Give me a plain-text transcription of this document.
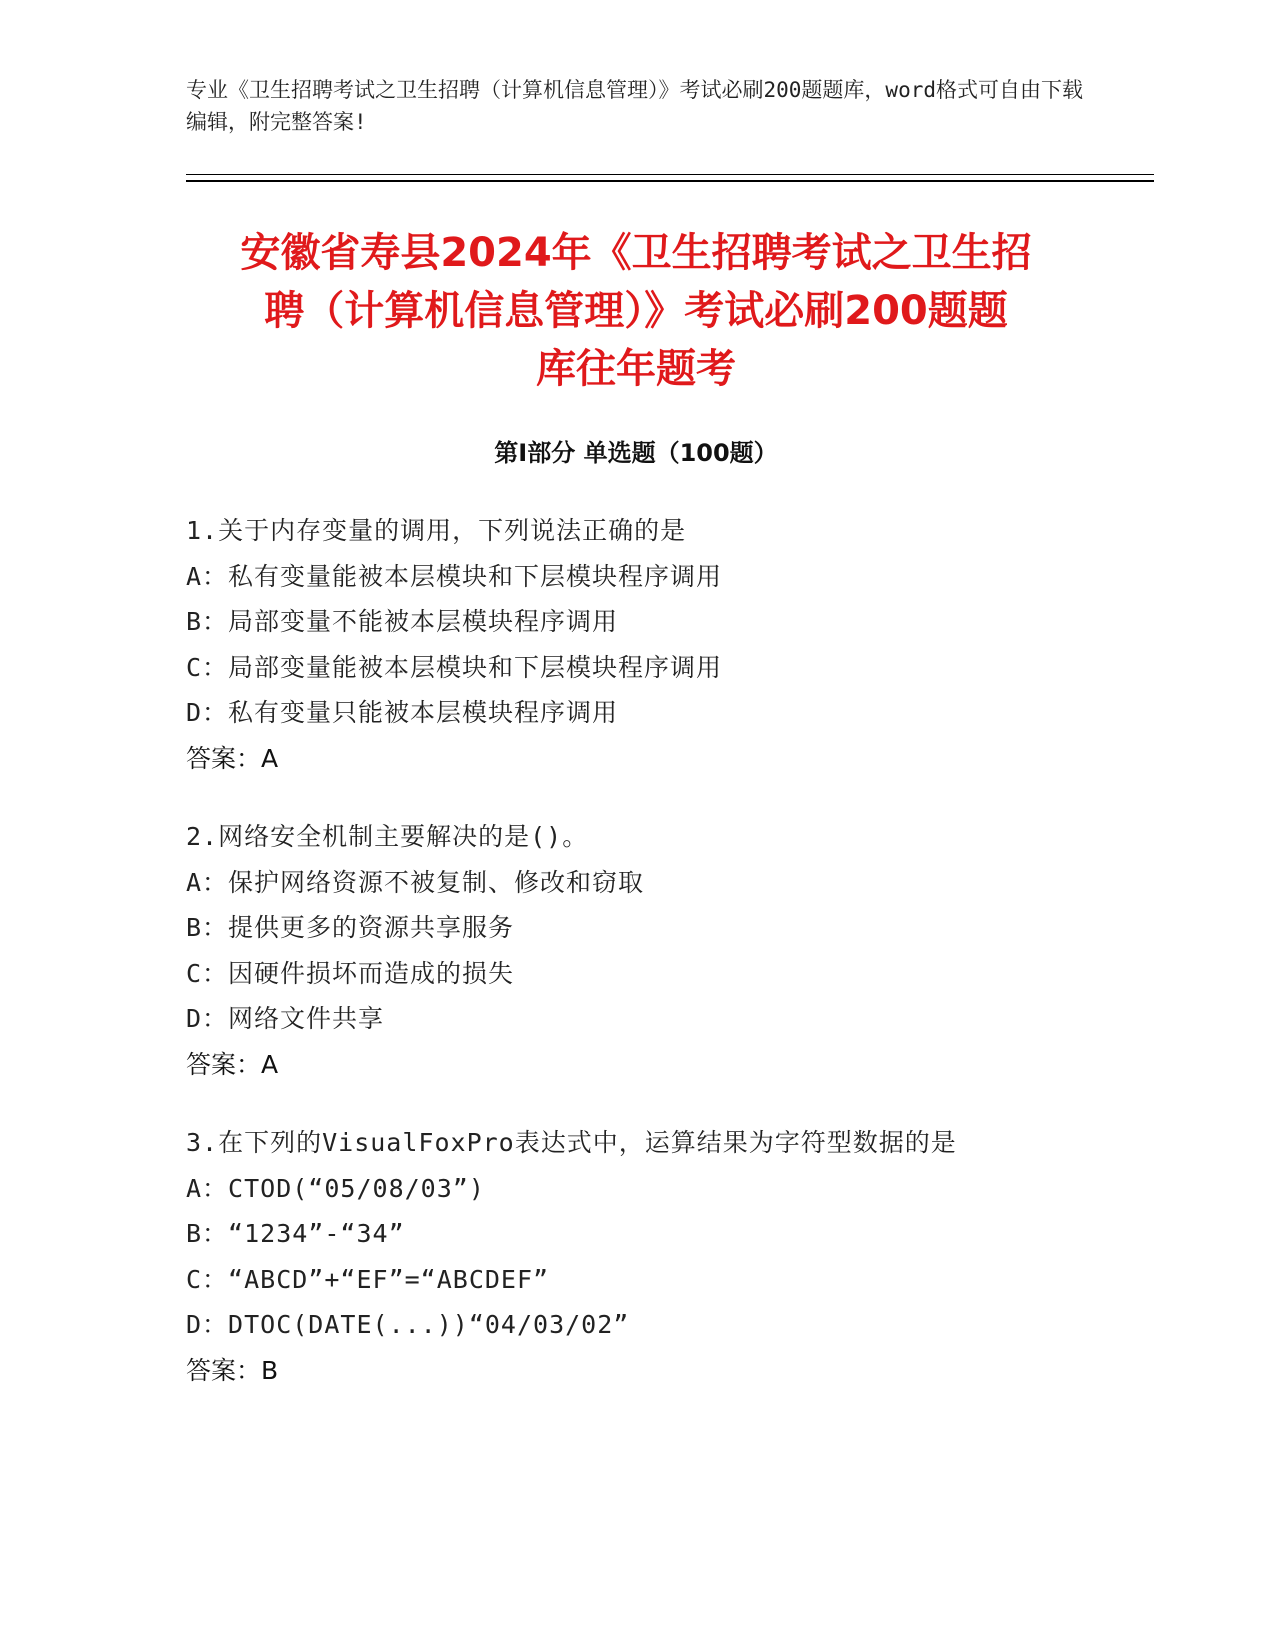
专业《卫生招聘考试之卫生招聘（计算机信息管理）》考试必刷200题题库，word格式可自由下载编辑，附完整答案!
安徽省寿县2024年《卫生招聘考试之卫生招
聘（计算机信息管理）》考试必刷200题题
库往年题考
第I部分 单选题（100题）
1.关于内存变量的调用，下列说法正确的是
A：私有变量能被本层模块和下层模块程序调用
B：局部变量不能被本层模块程序调用
C：局部变量能被本层模块和下层模块程序调用
D：私有变量只能被本层模块程序调用
答案：A
2.网络安全机制主要解决的是()。
A：保护网络资源不被复制、修改和窃取
B：提供更多的资源共享服务
C：因硬件损坏而造成的损失
D：网络文件共享
答案：A
3.在下列的VisualFoxPro表达式中，运算结果为字符型数据的是
A：CTOD(“05/08/03”)
B：“1234”-“34”
C：“ABCD”+“EF”=“ABCDEF”
D：DTOC(DATE(...))“04/03/02”
答案：B
